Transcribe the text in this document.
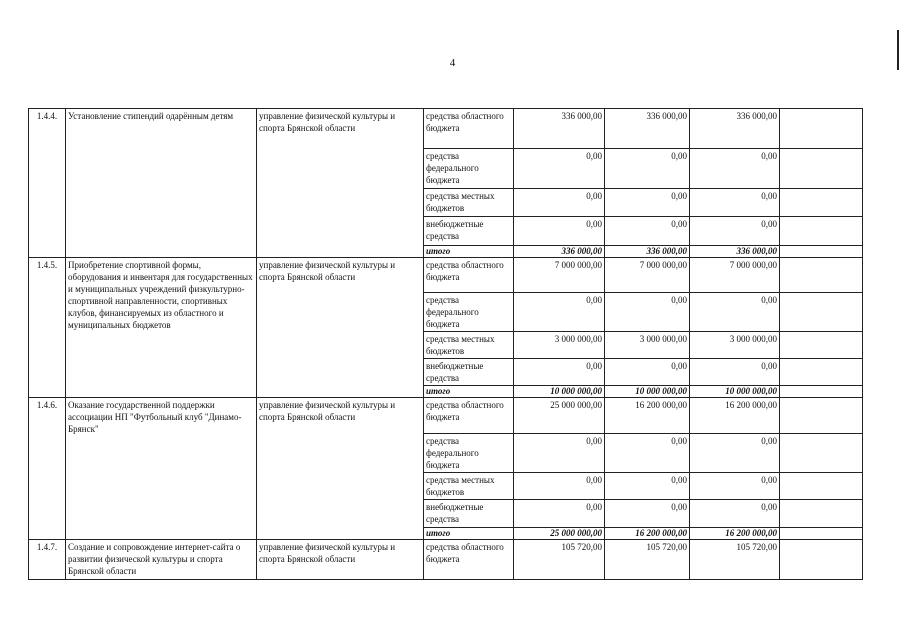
4
1.4.4.	Установление стипендий одарённым детям	управление физической культуры и спорта Брянской области	средства областного бюджета	336 000,00	336 000,00	336 000,00	
			средства федерального бюджета	0,00	0,00	0,00	
			средства местных бюджетов	0,00	0,00	0,00	
			внебюджетные средства	0,00	0,00	0,00	
			итого	336 000,00	336 000,00	336 000,00	
1.4.5.	Приобретение спортивной формы, оборудования и инвентаря для государственных и муниципальных учреждений физкультурно-спортивной направленности, спортивных клубов, финансируемых из областного и муниципальных бюджетов	управление физической культуры и спорта Брянской области	средства областного бюджета	7 000 000,00	7 000 000,00	7 000 000,00	
			средства федерального бюджета	0,00	0,00	0,00	
			средства местных бюджетов	3 000 000,00	3 000 000,00	3 000 000,00	
			внебюджетные средства	0,00	0,00	0,00	
			итого	10 000 000,00	10 000 000,00	10 000 000,00	
1.4.6.	Оказание государственной поддержки ассоциации НП "Футбольный клуб "Динамо-Брянск"	управление физической культуры и спорта Брянской области	средства областного бюджета	25 000 000,00	16 200 000,00	16 200 000,00	
			средства федерального бюджета	0,00	0,00	0,00	
			средства местных бюджетов	0,00	0,00	0,00	
			внебюджетные средства	0,00	0,00	0,00	
			итого	25 000 000,00	16 200 000,00	16 200 000,00	
1.4.7.	Создание и сопровождение интернет-сайта о развитии физической культуры и спорта Брянской области	управление физической культуры и спорта Брянской области	средства областного бюджета	105 720,00	105 720,00	105 720,00	
